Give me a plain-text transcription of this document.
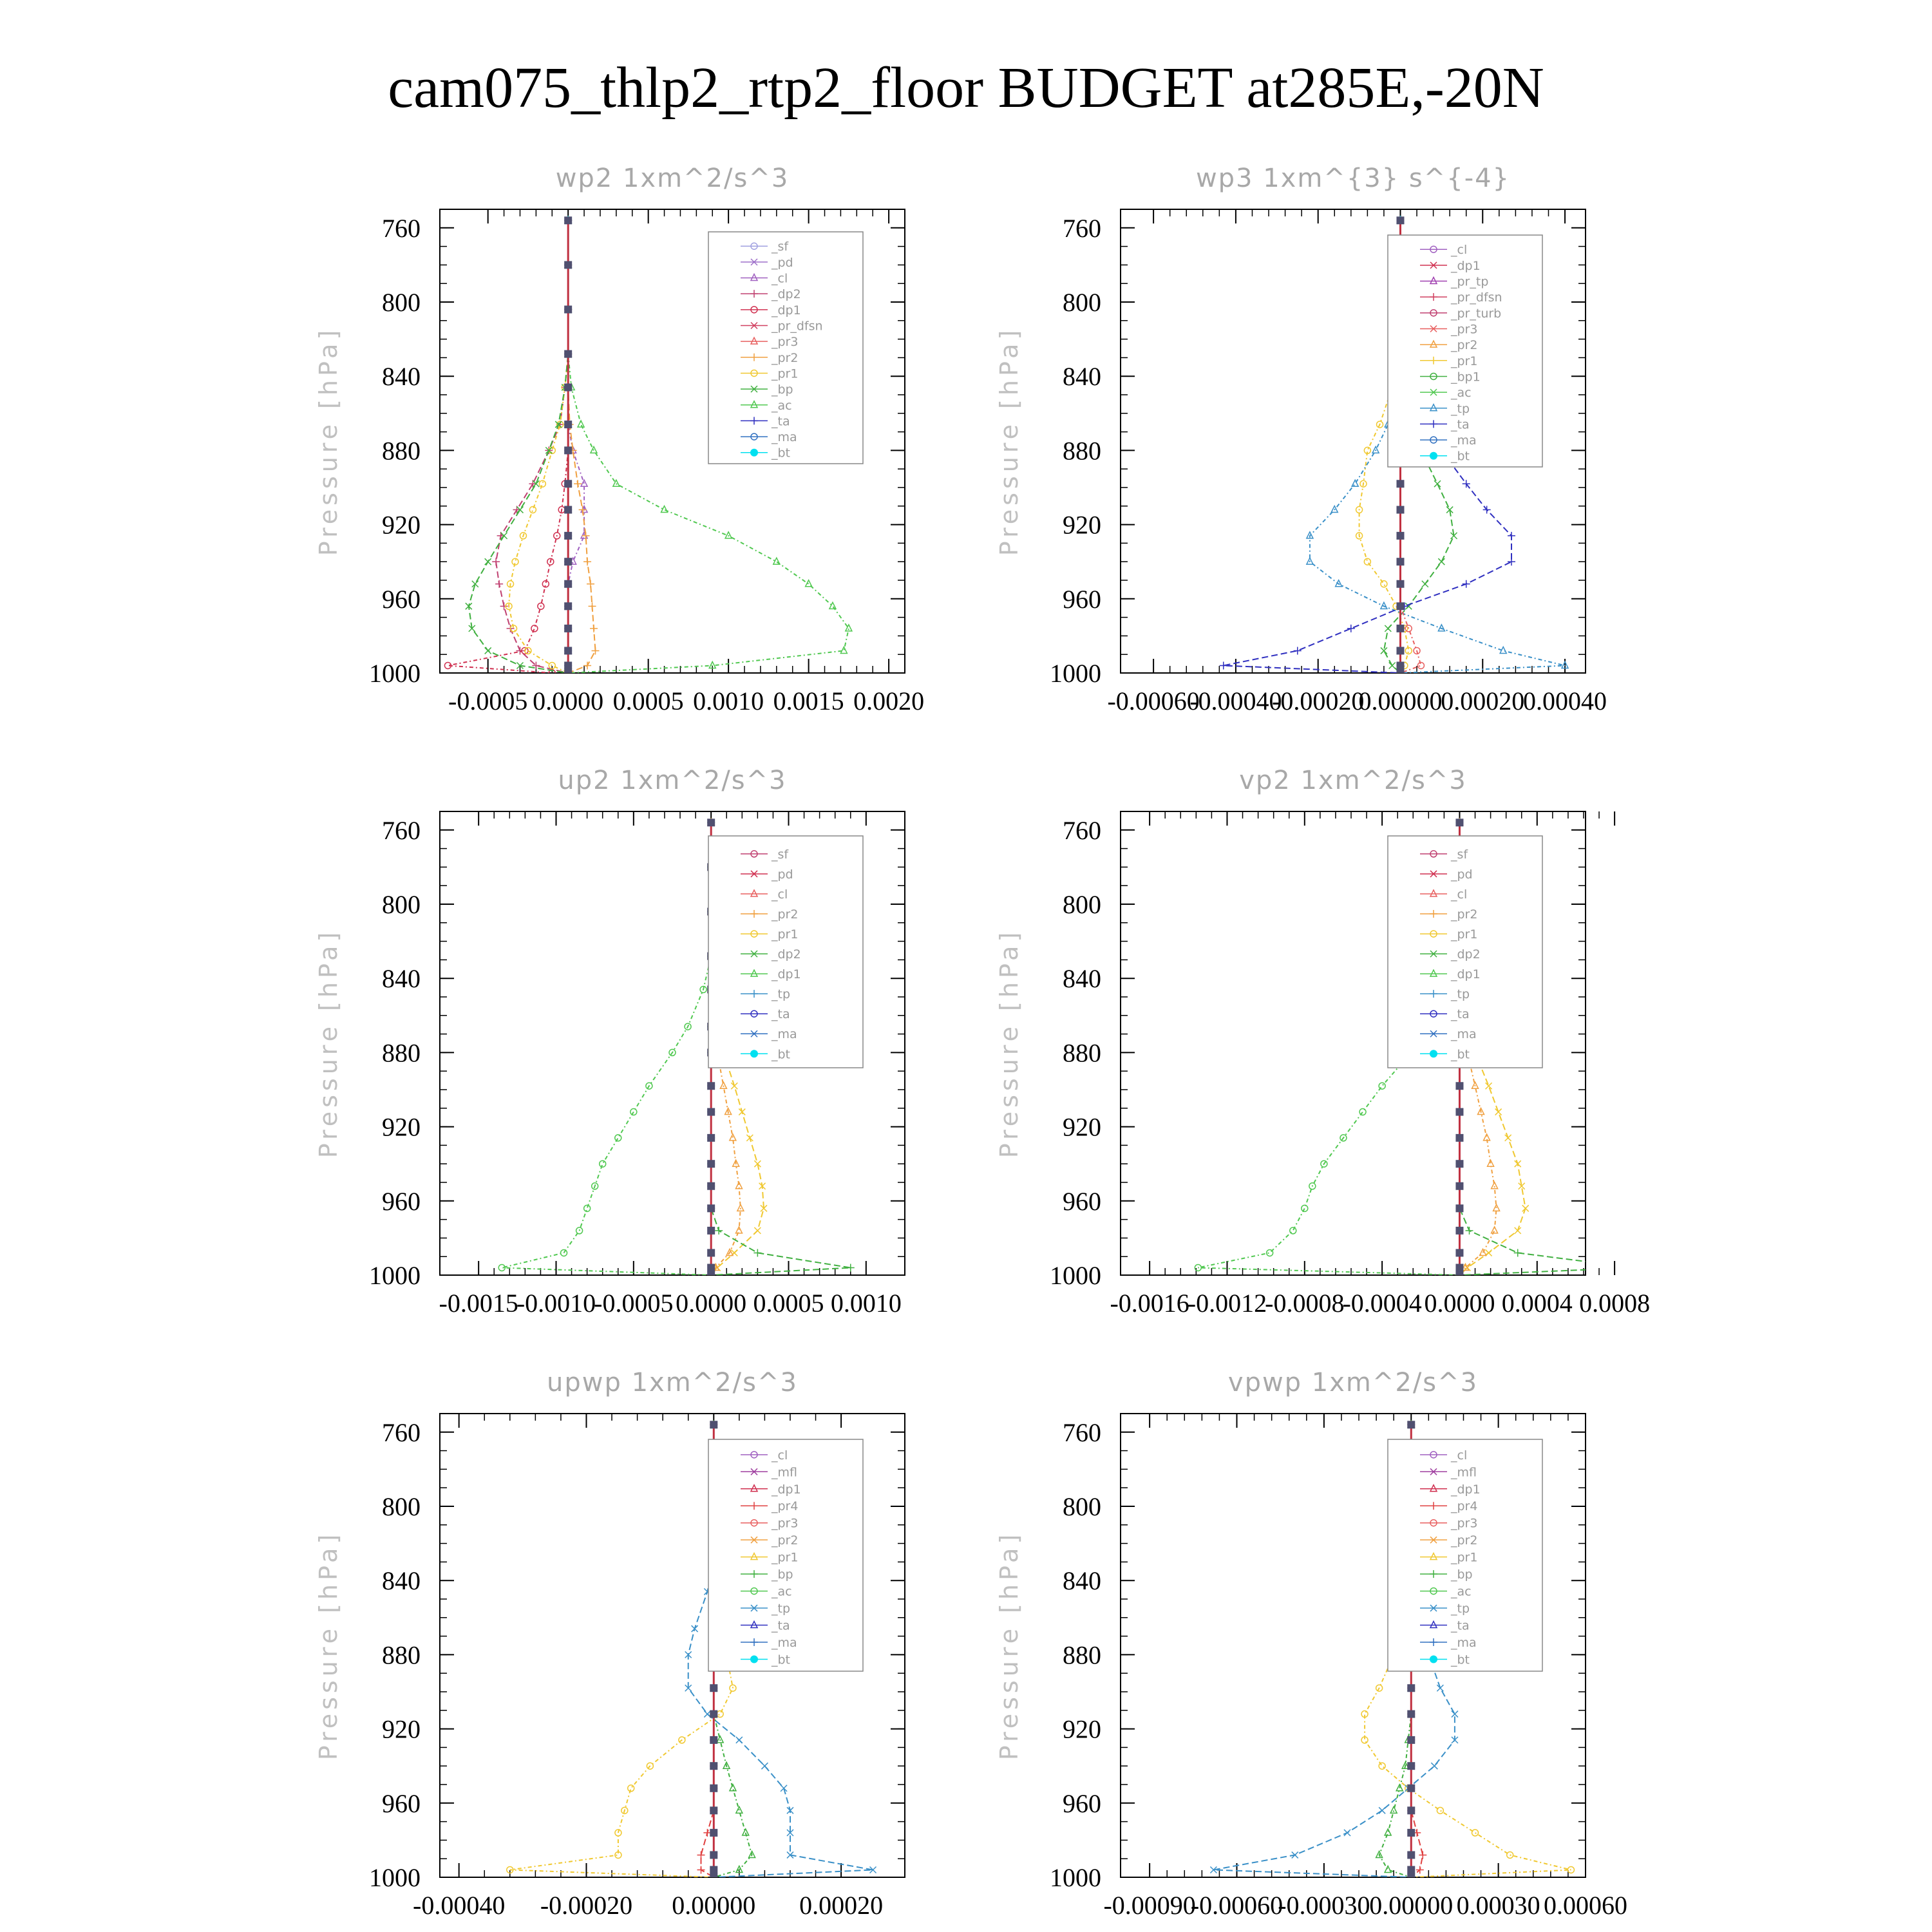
cam075_thlp2_rtp2_floor BUDGET at285E,-20N
wp2 1xm^2/s^3
Pressure [hPa]
760
800
840
880
920
960
1000
-0.0005 0.0000 0.0005 0.0010 0.0015 0.0020
_sf
_pd
_cl
_dp2
_dp1
_pr_dfsn
_pr3
_pr2
_pr1
_bp
_ac
_ta
_ma
_bt
wp3 1xm^{3} s^{-4}
Pressure [hPa]
760
800
840
880
920
960
1000
-0.00060
-0.00040
-0.00020
0.00000
0.00020
0.00040
_cl
_dp1
_pr_tp
_pr_dfsn
_pr_turb
_pr3
_pr2
_pr1
_bp1
_ac
_tp
_ta
_ma
_bt
up2 1xm^2/s^3
Pressure [hPa]
760
800
840
880
920
960
1000
-0.0015
-0.0010
-0.0005 0.0000 0.0005 0.0010
_sf
_pd
_cl
_pr2
_pr1
_dp2
_dp1
_tp
_ta
_ma
_bt
vp2 1xm^2/s^3
Pressure [hPa]
760
800
840
880
920
960
1000
-0.0016
-0.0012
-0.0008
-0.0004 0.0000 0.0004 0.0008
_sf
_pd
_cl
_pr2
_pr1
_dp2
_dp1
_tp
_ta
_ma
_bt
upwp 1xm^2/s^3
Pressure [hPa]
760
800
840
880
920
960
1000
-0.00040 -0.00020 0.00000 0.00020
_cl
_mfl
_dp1
_pr4
_pr3
_pr2
_pr1
_bp
_ac
_tp
_ta
_ma
_bt
vpwp 1xm^2/s^3
Pressure [hPa]
760
800
840
880
920
960
1000
-0.00090
-0.00060
-0.00030
0.00000 0.00030 0.00060
_cl
_mfl
_dp1
_pr4
_pr3
_pr2
_pr1
_bp
_ac
_tp
_ta
_ma
_bt
